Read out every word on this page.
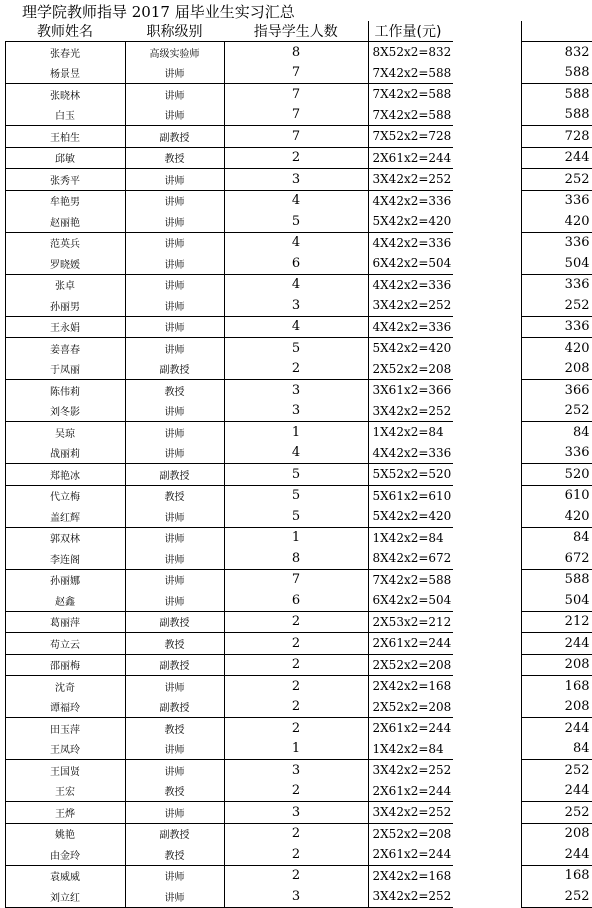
理学院教师指导 2017 届毕业生实习汇总
	教师姓名	职称级别	指导学生人数	工作量(元)		
	张春光	高级实验师	8	8X52x2=832		832
	杨景昱	讲师	7	7X42x2=588		588
	张晓林	讲师	7	7X42x2=588		588
	白玉	讲师	7	7X42x2=588		588
	王柏生	副教授	7	7X52x2=728		728
	邱敏	教授	2	2X61x2=244		244
	张秀平	讲师	3	3X42x2=252		252
	牟艳男	讲师	4	4X42x2=336		336
	赵丽艳	讲师	5	5X42x2=420		420
	范英兵	讲师	4	4X42x2=336		336
	罗晓媛	讲师	6	6X42x2=504		504
	张卓	讲师	4	4X42x2=336		336
	孙丽男	讲师	3	3X42x2=252		252
	王永娟	讲师	4	4X42x2=336		336
	姜喜春	讲师	5	5X42x2=420		420
	于凤丽	副教授	2	2X52x2=208		208
	陈伟莉	教授	3	3X61x2=366		366
	刘冬影	讲师	3	3X42x2=252		252
	吴琼	讲师	1	1X42x2=84		84
	战丽莉	讲师	4	4X42x2=336		336
	郑艳冰	副教授	5	5X52x2=520		520
	代立梅	教授	5	5X61x2=610		610
	盖红辉	讲师	5	5X42x2=420		420
	郭双林	讲师	1	1X42x2=84		84
	李连阁	讲师	8	8X42x2=672		672
	孙丽娜	讲师	7	7X42x2=588		588
	赵鑫	讲师	6	6X42x2=504		504
	葛丽萍	副教授	2	2X53x2=212		212
	苟立云	教授	2	2X61x2=244		244
	邵丽梅	副教授	2	2X52x2=208		208
	沈奇	讲师	2	2X42x2=168		168
	谭福玲	副教授	2	2X52x2=208		208
	田玉萍	教授	2	2X61x2=244		244
	王凤玲	讲师	1	1X42x2=84		84
	王国贤	讲师	3	3X42x2=252		252
	王宏	教授	2	2X61x2=244		244
	王烨	讲师	3	3X42x2=252		252
	姚艳	副教授	2	2X52x2=208		208
	由金玲	教授	2	2X61x2=244		244
	袁威威	讲师	2	2X42x2=168		168
	刘立红	讲师	3	3X42x2=252		252
